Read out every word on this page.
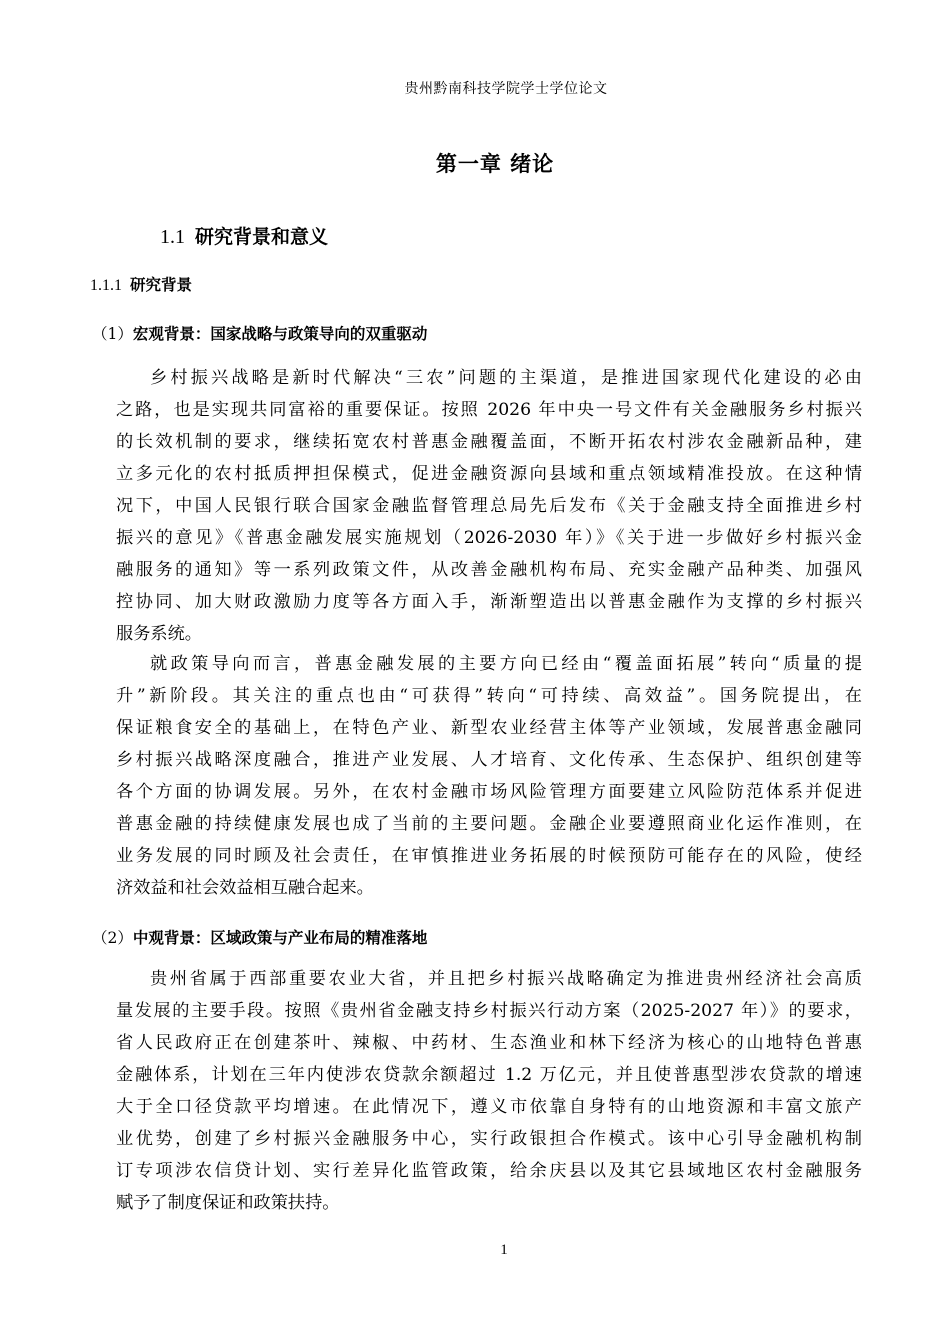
贵州黔南科技学院学士学位论文
第一章 绪论
1.1 研究背景和意义
1.1.1 研究背景
（1）宏观背景：国家战略与政策导向的双重驱动
乡村振兴战略是新时代解决“三农”问题的主渠道，是推进国家现代化建设的必由
之路，也是实现共同富裕的重要保证。按照 2026 年中央一号文件有关金融服务乡村振兴
的长效机制的要求，继续拓宽农村普惠金融覆盖面，不断开拓农村涉农金融新品种，建
立多元化的农村抵质押担保模式，促进金融资源向县域和重点领域精准投放。在这种情
况下，中国人民银行联合国家金融监督管理总局先后发布《关于金融支持全面推进乡村
振兴的意见》《普惠金融发展实施规划（2026-2030 年）》《关于进一步做好乡村振兴金
融服务的通知》等一系列政策文件，从改善金融机构布局、充实金融产品种类、加强风
控协同、加大财政激励力度等各方面入手，渐渐塑造出以普惠金融作为支撑的乡村振兴
服务系统。
就政策导向而言，普惠金融发展的主要方向已经由“覆盖面拓展”转向“质量的提
升”新阶段。其关注的重点也由“可获得”转向“可持续、高效益”。国务院提出，在
保证粮食安全的基础上，在特色产业、新型农业经营主体等产业领域，发展普惠金融同
乡村振兴战略深度融合，推进产业发展、人才培育、文化传承、生态保护、组织创建等
各个方面的协调发展。另外，在农村金融市场风险管理方面要建立风险防范体系并促进
普惠金融的持续健康发展也成了当前的主要问题。金融企业要遵照商业化运作准则，在
业务发展的同时顾及社会责任，在审慎推进业务拓展的时候预防可能存在的风险，使经
济效益和社会效益相互融合起来。
（2）中观背景：区域政策与产业布局的精准落地
贵州省属于西部重要农业大省，并且把乡村振兴战略确定为推进贵州经济社会高质
量发展的主要手段。按照《贵州省金融支持乡村振兴行动方案（2025-2027 年）》的要求，
省人民政府正在创建茶叶、辣椒、中药材、生态渔业和林下经济为核心的山地特色普惠
金融体系，计划在三年内使涉农贷款余额超过 1.2 万亿元，并且使普惠型涉农贷款的增速
大于全口径贷款平均增速。在此情况下，遵义市依靠自身特有的山地资源和丰富文旅产
业优势，创建了乡村振兴金融服务中心，实行政银担合作模式。该中心引导金融机构制
订专项涉农信贷计划、实行差异化监管政策，给余庆县以及其它县域地区农村金融服务
赋予了制度保证和政策扶持。
1
